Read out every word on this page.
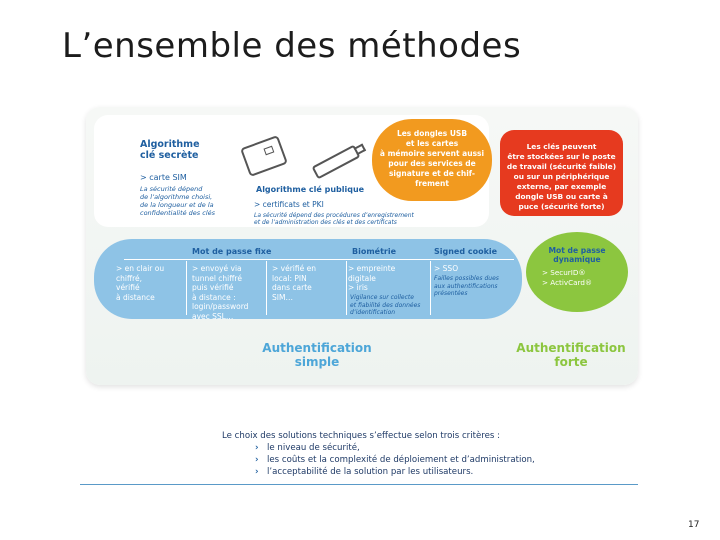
L’ensemble des méthodes
Algorithme
clé secrète
> carte SIM
La sécurité dépend
de l’algorithme choisi,
de la longueur et de la
confidentialité des clés
Algorithme clé publique
> certificats et PKI
La sécurité dépend des procédures d’enregistrement
et de l’administration des clés et des certificats
Les dongles USB
et les cartes
à mémoire servent aussi
pour des services de
signature et de chif-
frement
Les clés peuvent
être stockées sur le poste
de travail (sécurité faible)
ou sur un périphérique
externe, par exemple
dongle USB ou carte à
puce (sécurité forte)
Mot de passe fixe	Biométrie	Signed cookie
> en clair ou
chiffré,
vérifié
à distance
> envoyé via
tunnel chiffré
puis vérifié
à distance :
login/password
avec SSL…
> vérifié en
local: PIN
dans carte
SIM…
> empreinte
digitale
> iris
Vigilance sur collecte
et fiabilité des données
d’identification
> SSO
Failles possibles dues
aux authentifications
présentées
Mot de passe
dynamique
> SecurID®
> ActivCard®
Authentification
simple
Authentification
forte
Le choix des solutions techniques s’effectue selon trois critères :
› le niveau de sécurité,
› les coûts et la complexité de déploiement et d’administration,
› l’acceptabilité de la solution par les utilisateurs.
17
